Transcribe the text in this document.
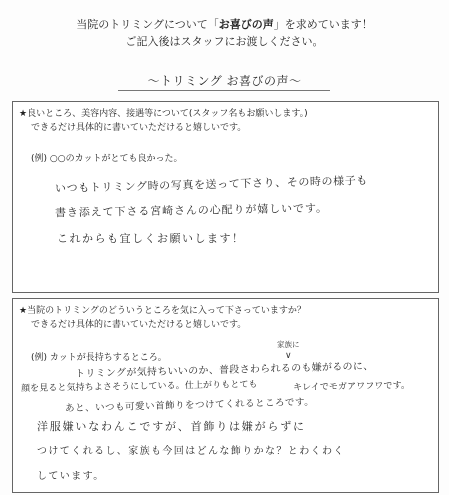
当院のトリミングについて「お喜びの声」を求めています！
ご記入後はスタッフにお渡しください。
～トリミング お喜びの声～
★良いところ、美容内容、接遇等について(スタッフ名もお願いします。)
できるだけ具体的に書いていただけると嬉しいです。
(例) ○○のカットがとても良かった。
いつもトリミング時の写真を送って下さり、その時の様子も
書き添えて下さる宮崎さんの心配りが嬉しいです。
これからも宜しくお願いします！
★当院のトリミングのどういうところを気に入って下さっていますか？
できるだけ具体的に書いていただけると嬉しいです。
(例) カットが長持ちするところ。
家族に
∨
トリミングが気持ちいいのか、普段さわられるのも嫌がるのに、
顔を見ると気持ちよさそうにしている。仕上がりもとても	キレイでモガアワフワです。
あと、いつも可愛い首飾りをつけてくれるところです。
洋服嫌いなわんこですが、首飾りは嫌がらずに
つけてくれるし、家族も今回はどんな飾りかな？とわくわく
しています。
